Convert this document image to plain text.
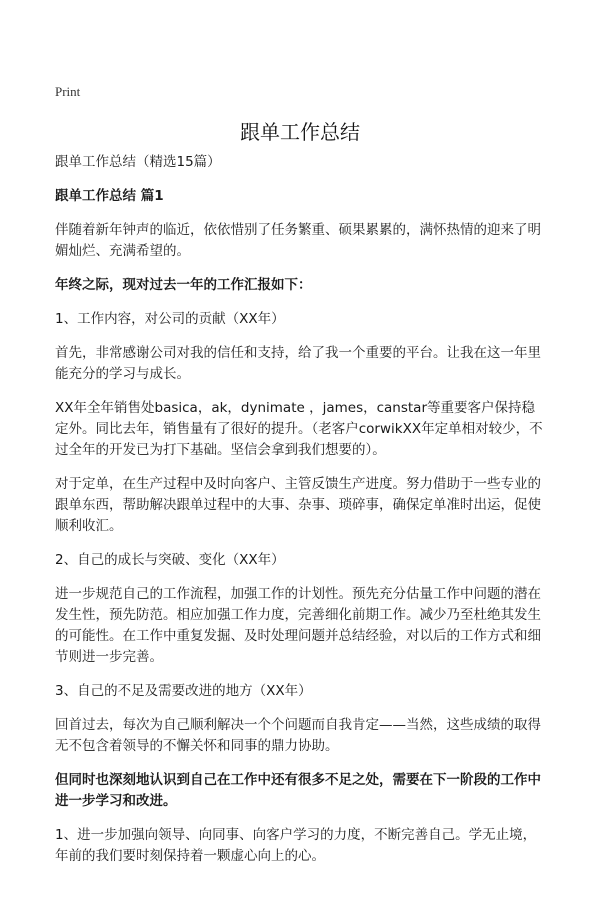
Print
跟单工作总结

跟单工作总结（精选15篇）

跟单工作总结 篇1

伴随着新年钟声的临近，依依惜别了任务繁重、硕果累累的，满怀热情的迎来了明媚灿烂、充满希望的。

年终之际，现对过去一年的工作汇报如下：

1、工作内容，对公司的贡献（XX年）

首先，非常感谢公司对我的信任和支持，给了我一个重要的平台。让我在这一年里能充分的学习与成长。

XX年全年销售处basica，ak，dynimate ，james，canstar等重要客户保持稳定外。同比去年，销售量有了很好的提升。（老客户corwikXX年定单相对较少，不过全年的开发已为打下基础。坚信会拿到我们想要的）。

对于定单，在生产过程中及时向客户、主管反馈生产进度。努力借助于一些专业的跟单东西，帮助解决跟单过程中的大事、杂事、琐碎事，确保定单准时出运，促使顺利收汇。

2、自己的成长与突破、变化（XX年）

进一步规范自己的工作流程，加强工作的计划性。预先充分估量工作中问题的潜在发生性，预先防范。相应加强工作力度，完善细化前期工作。减少乃至杜绝其发生的可能性。在工作中重复发掘、及时处理问题并总结经验，对以后的工作方式和细节则进一步完善。

3、自己的不足及需要改进的地方（XX年）

回首过去，每次为自己顺利解决一个个问题而自我肯定——当然，这些成绩的取得无不包含着领导的不懈关怀和同事的鼎力协助。

但同时也深刻地认识到自己在工作中还有很多不足之处，需要在下一阶段的工作中进一步学习和改进。

1、进一步加强向领导、向同事、向客户学习的力度，不断完善自己。学无止境，年前的我们要时刻保持着一颗虚心向上的心。
